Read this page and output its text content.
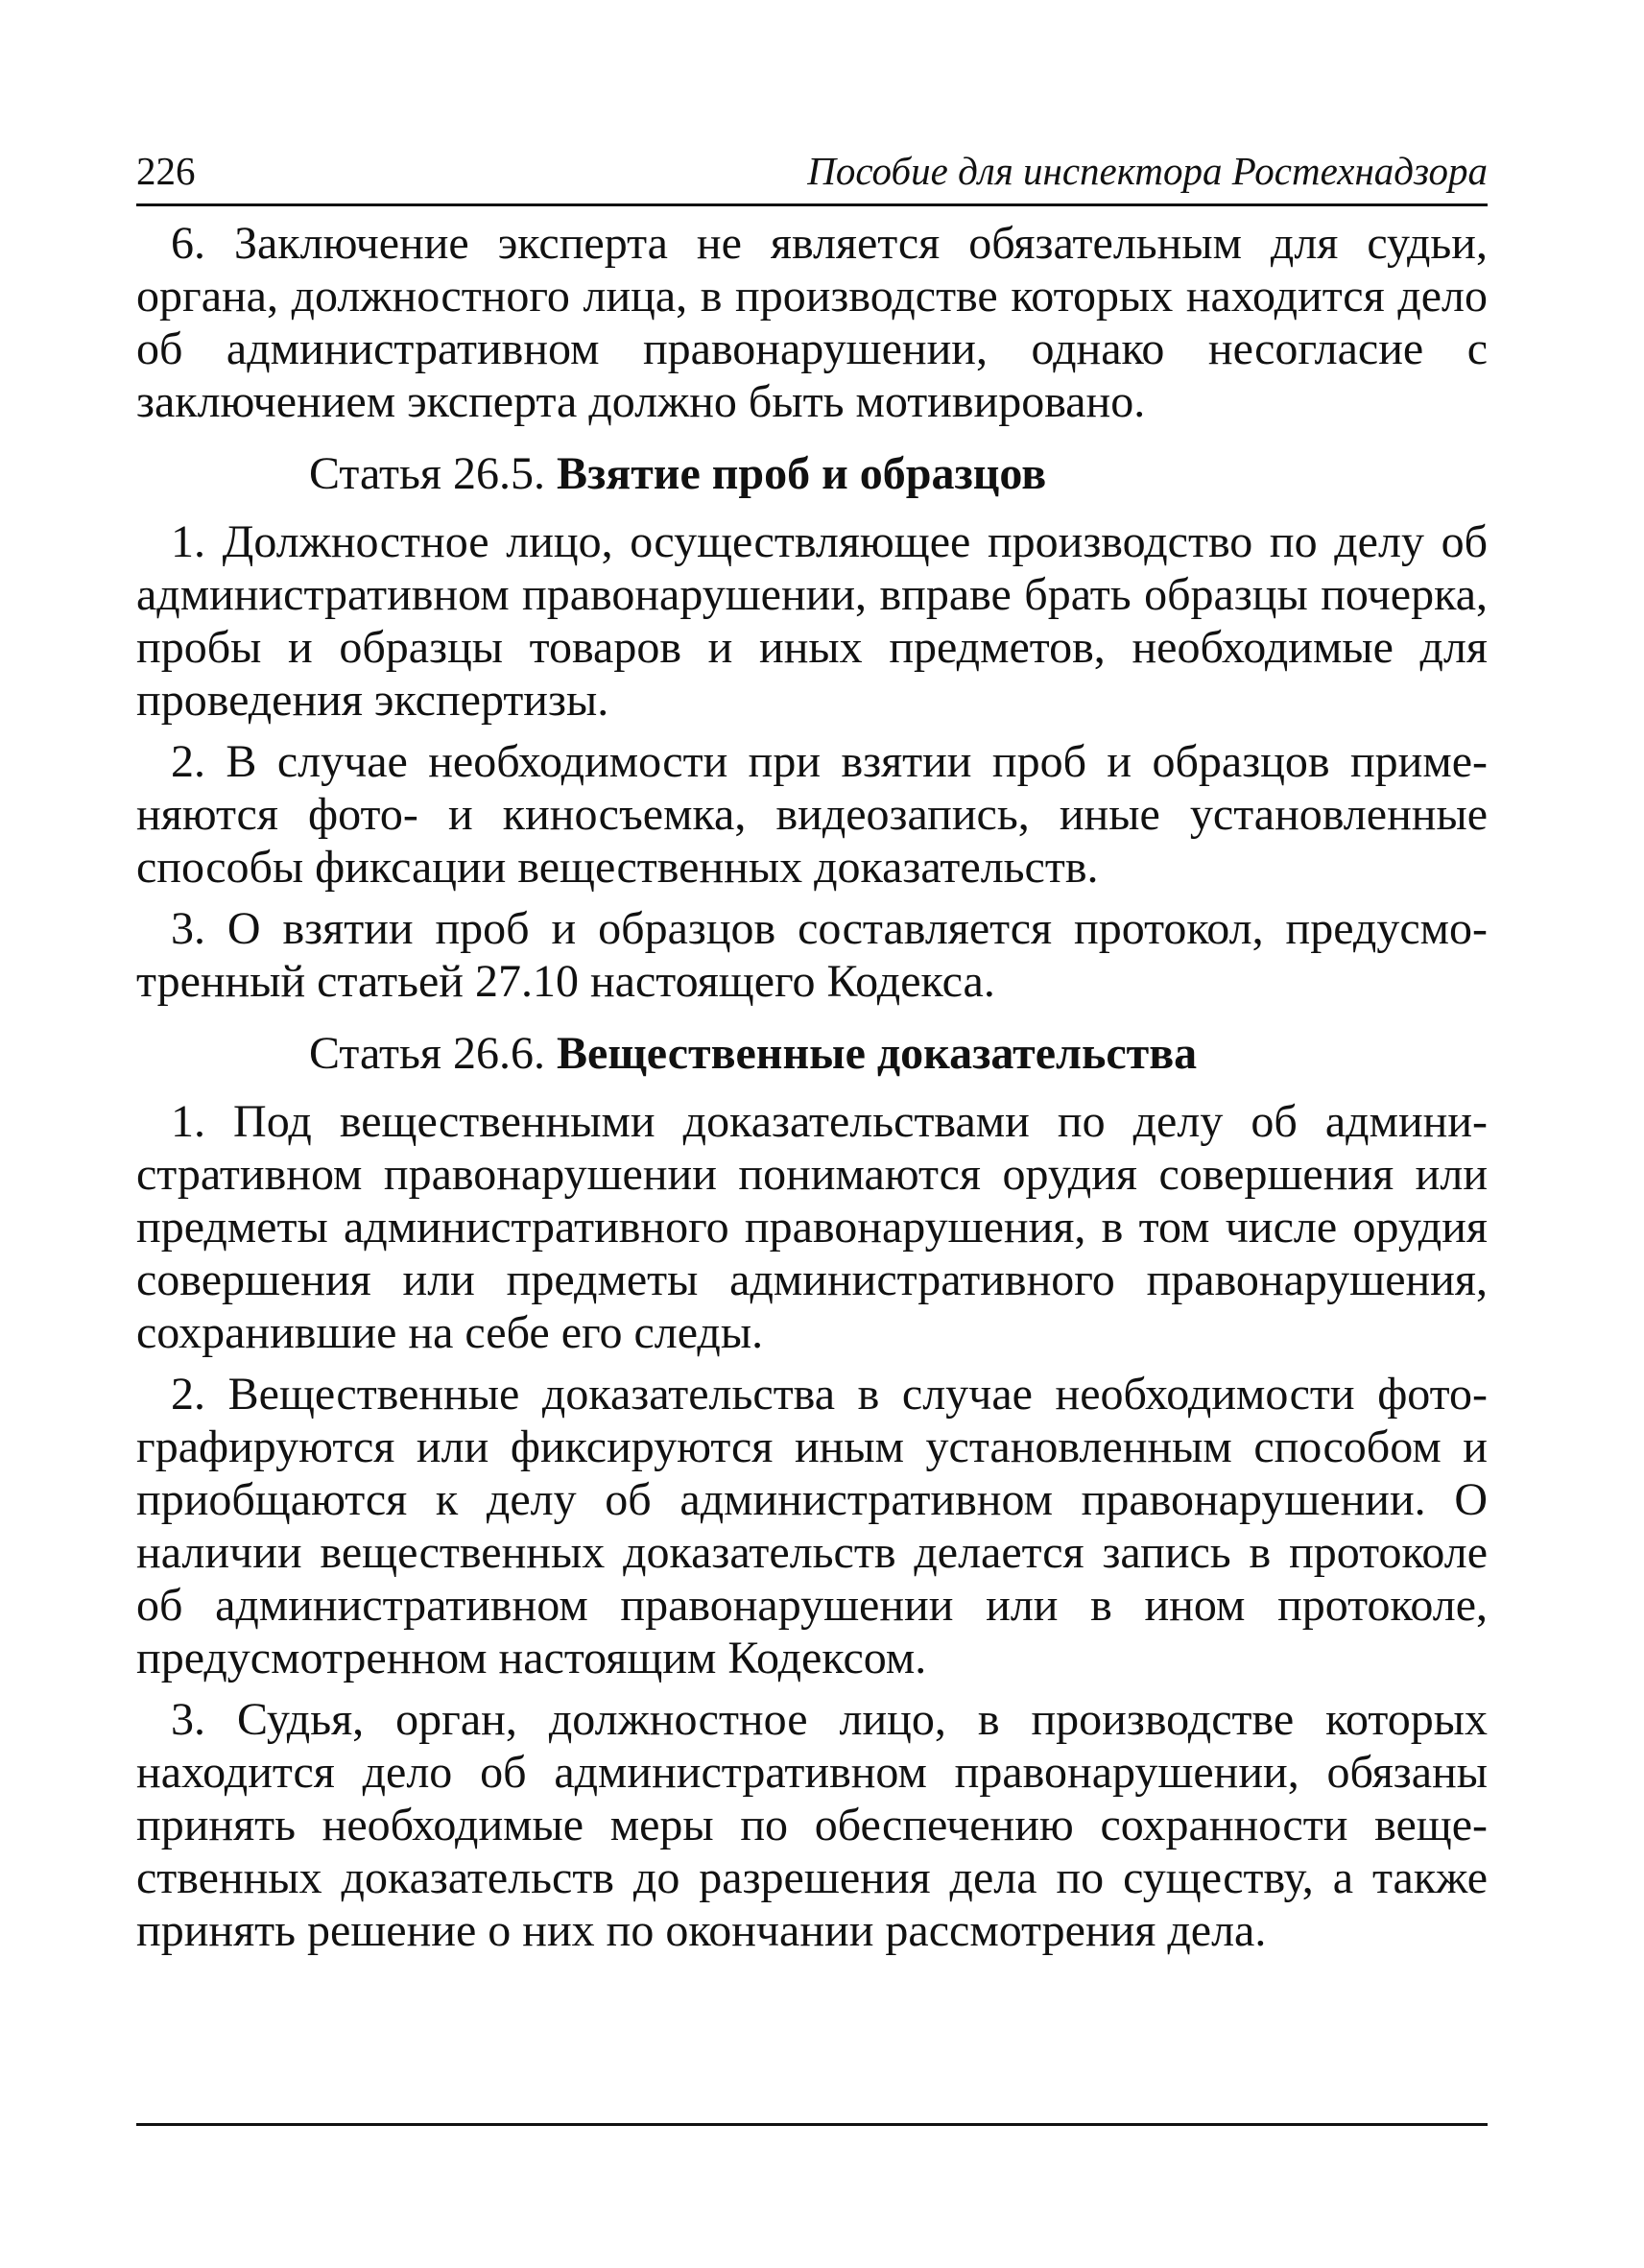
226	Пособие для инспектора Ростехнадзора

6. Заключение эксперта не является обязательным для судьи, органа, должностного лица, в производстве которых находится дело об административном правонарушении, однако несогласие с заключением эксперта должно быть мотивировано.

Статья 26.5. Взятие проб и образцов

1. Должностное лицо, осуществляющее производство по делу об административном правонарушении, вправе брать образцы почерка, пробы и образцы товаров и иных предметов, необходимые для проведения экспертизы.

2. В случае необходимости при взятии проб и образцов применяются фото- и киносъемка, видеозапись, иные установленные способы фиксации вещественных доказательств.

3. О взятии проб и образцов составляется протокол, предусмотренный статьей 27.10 настоящего Кодекса.

Статья 26.6. Вещественные доказательства

1. Под вещественными доказательствами по делу об административном правонарушении понимаются орудия совершения или предметы административного правонарушения, в том числе орудия совершения или предметы административного правонарушения, сохранившие на себе его следы.

2. Вещественные доказательства в случае необходимости фотографируются или фиксируются иным установленным способом и приобщаются к делу об административном правонарушении. О наличии вещественных доказательств делается запись в протоколе об административном правонарушении или в ином протоколе, предусмотренном настоящим Кодексом.

3. Судья, орган, должностное лицо, в производстве которых находится дело об административном правонарушении, обязаны принять необходимые меры по обеспечению сохранности вещественных доказательств до разрешения дела по существу, а также принять решение о них по окончании рассмотрения дела.
